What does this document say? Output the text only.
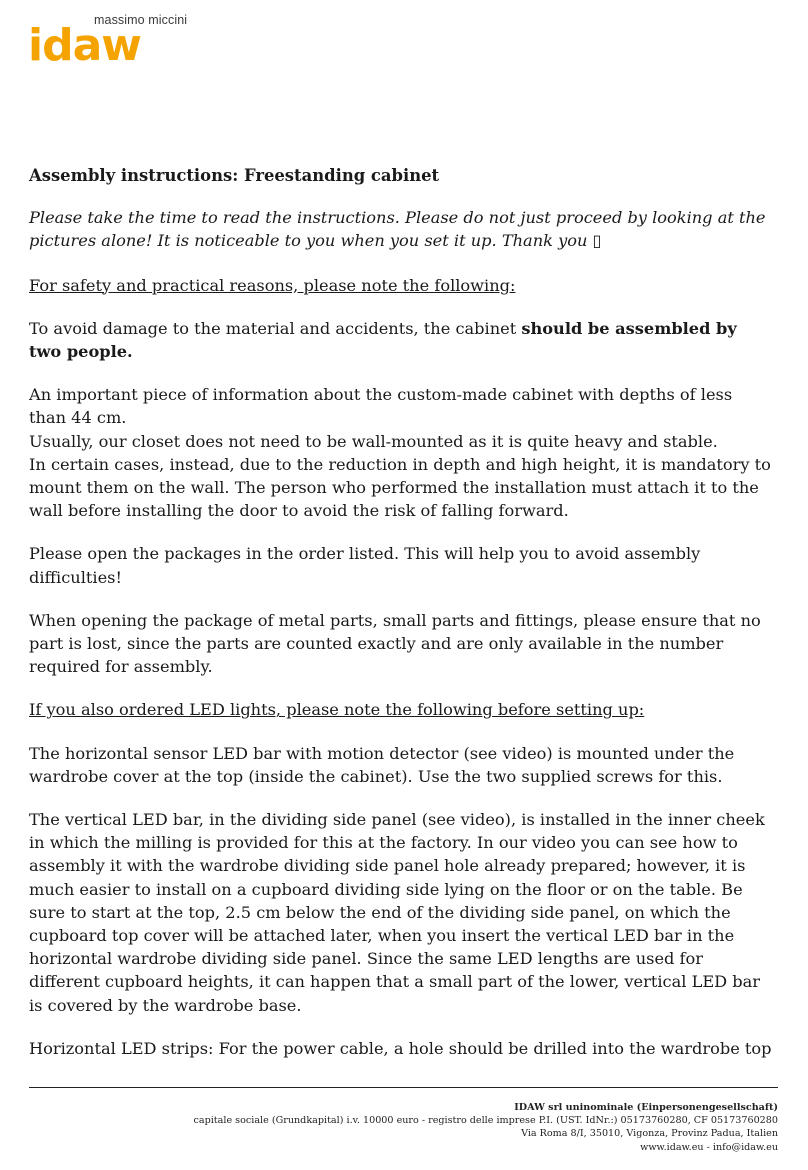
massimo miccini
idaw

Assembly instructions: Freestanding cabinet

Please take the time to read the instructions. Please do not just proceed by looking at the pictures alone! It is noticeable to you when you set it up. Thank you ▯

For safety and practical reasons, please note the following:

To avoid damage to the material and accidents, the cabinet should be assembled by two people.

An important piece of information about the custom-made cabinet with depths of less than 44 cm.

Usually, our closet does not need to be wall-mounted as it is quite heavy and stable.

In certain cases, instead, due to the reduction in depth and high height, it is mandatory to mount them on the wall. The person who performed the installation must attach it to the wall before installing the door to avoid the risk of falling forward.

Please open the packages in the order listed. This will help you to avoid assembly difficulties!

When opening the package of metal parts, small parts and fittings, please ensure that no part is lost, since the parts are counted exactly and are only available in the number required for assembly.

If you also ordered LED lights, please note the following before setting up:

The horizontal sensor LED bar with motion detector (see video) is mounted under the wardrobe cover at the top (inside the cabinet). Use the two supplied screws for this.

The vertical LED bar, in the dividing side panel (see video), is installed in the inner cheek in which the milling is provided for this at the factory. In our video you can see how to assembly it with the wardrobe dividing side panel hole already prepared; however, it is much easier to install on a cupboard dividing side lying on the floor or on the table. Be sure to start at the top, 2.5 cm below the end of the dividing side panel, on which the cupboard top cover will be attached later, when you insert the vertical LED bar in the horizontal wardrobe dividing side panel. Since the same LED lengths are used for different cupboard heights, it can happen that a small part of the lower, vertical LED bar is covered by the wardrobe base.

Horizontal LED strips: For the power cable, a hole should be drilled into the wardrobe top

IDAW srl uninominale (Einpersonengesellschaft)
capitale sociale (Grundkapital) i.v. 10000 euro - registro delle imprese P.I. (UST. IdNr.:) 05173760280, CF 05173760280
Via Roma 8/I, 35010, Vigonza, Provinz Padua, Italien
www.idaw.eu - info@idaw.eu
